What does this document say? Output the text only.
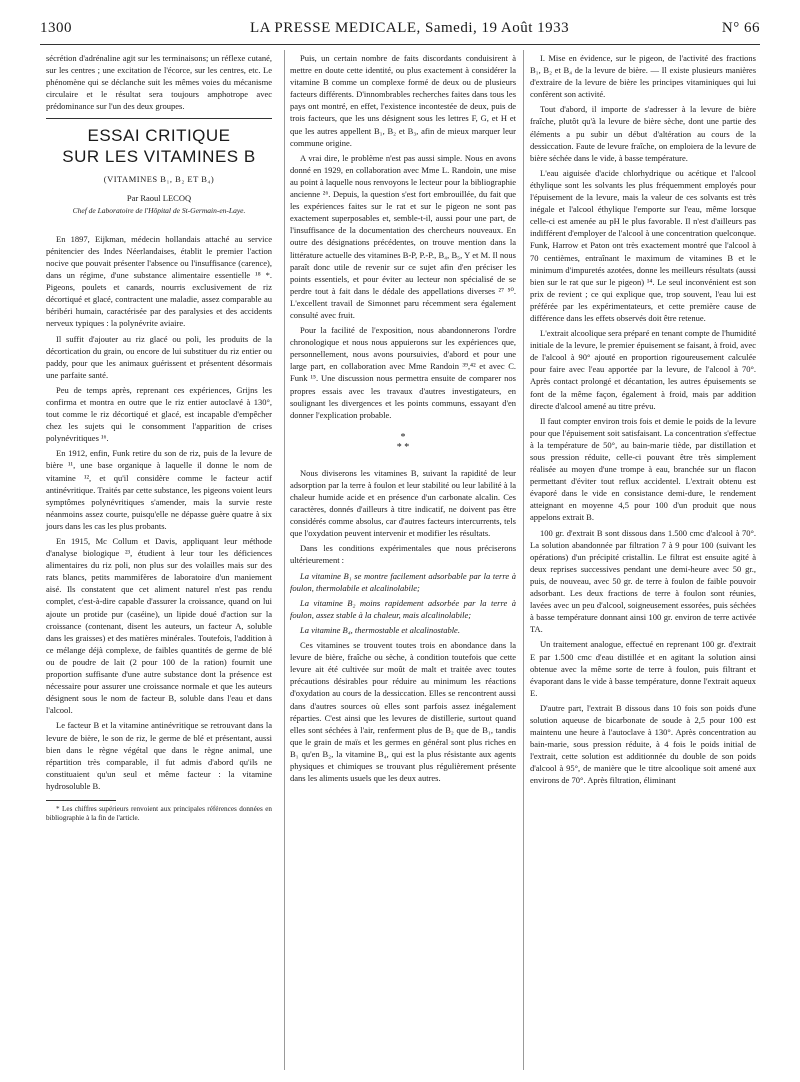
1300	LA PRESSE MEDICALE, Samedi, 19 Août 1933	N° 66

sécrétion d'adrénaline agit sur les terminaisons; un réflexe cutané, sur les centres ; une excitation de l'écorce, sur les centres, etc. Le phénomène qui se déclanche suit les mêmes voies du mécanisme circulaire et le résultat sera toujours amphotrope avec prédominance sur l'un des deux groupes.

ESSAI CRITIQUE
SUR LES VITAMINES B
(VITAMINES B₁, B₂ ET B₄)
Par Raoul LECOQ
Chef de Laboratoire de l'Hôpital de St-Germain-en-Laye.

En 1897, Eijkman, médecin hollandais attaché au service pénitencier des Indes Néerlandaises, établit le premier l'action nocive que pouvait présenter l'absence ou l'insuffisance (carence), dans un régime, d'une substance alimentaire essentielle ¹⁸ *. Pigeons, poulets et canards, nourris exclusivement de riz décortiqué et glacé, contractent une maladie, assez comparable au béribéri humain, caractérisée par des paralysies et des accidents nerveux typiques : la polynévrite aviaire.

Il suffit d'ajouter au riz glacé ou poli, les produits de la décortication du grain, ou encore de lui substituer du riz entier ou paddy, pour que les animaux guérissent et présentent désormais une parfaite santé.

Peu de temps après, reprenant ces expériences, Grijns les confirma et montra en outre que le riz entier autoclavé à 130°, tout comme le riz décortiqué et glacé, est incapable d'empêcher chez les sujets qui le consomment l'apparition de crises polynévritiques ¹⁶.

En 1912, enfin, Funk retire du son de riz, puis de la levure de bière ¹¹, une base organique à laquelle il donne le nom de vitamine ¹², et qu'il considère comme le facteur actif antinévritique. Traités par cette substance, les pigeons voient leurs symptômes polynévritiques s'amender, mais la survie reste néanmoins assez courte, puisqu'elle ne dépasse guère quatre à six jours dans les cas les plus probants.

En 1915, Mc Collum et Davis, appliquant leur méthode d'analyse biologique ²³, étudient à leur tour les déficiences alimentaires du riz poli, non plus sur des volailles mais sur des rats blancs, petits mammifères de laboratoire d'un maniement aisé. Ils constatent que cet aliment naturel n'est pas rendu complet, c'est-à-dire capable d'assurer la croissance, quand on lui ajoute un protide pur (caséine), un lipide doué d'action sur la croissance (contenant, disent les auteurs, un facteur A, soluble dans les graisses) et des matières minérales. Toutefois, l'addition à ce mélange déjà complexe, de faibles quantités de germe de blé ou de poudre de lait (2 pour 100 de la ration) fournit une proportion suffisante d'une autre substance dont la présence est nécessaire pour assurer une croissance normale et que les auteurs désignent sous le nom de facteur B, soluble dans l'eau et dans l'alcool.

Le facteur B et la vitamine antinévritique se retrouvant dans la levure de bière, le son de riz, le germe de blé et présentant, aussi bien dans le règne végétal que dans le règne animal, une répartition très comparable, il fut admis d'abord qu'ils ne constituaient qu'un seul et même facteur : la vitamine hydrosoluble B.

* Les chiffres supérieurs renvoient aux principales références données en bibliographie à la fin de l'article.

Puis, un certain nombre de faits discordants conduisirent à mettre en doute cette identité, ou plus exactement à considérer la vitamine B comme un complexe formé de deux ou de plusieurs facteurs différents. D'innombrables recherches faites dans tous les pays ont montré, en effet, l'existence incontestée de deux, puis de trois facteurs, que les uns désignent sous les lettres F, G, et H et que les autres appellent B₁, B₂ et B₃, afin de mieux marquer leur commune origine.

A vrai dire, le problème n'est pas aussi simple. Nous en avons donné en 1929, en collaboration avec Mme L. Randoin, une mise au point à laquelle nous renvoyons le lecteur pour la bibliographie ancienne ²⁶. Depuis, la question s'est fort embrouillée, du fait que les expériences faites sur le rat et sur le pigeon ne sont pas exactement superposables et, semble-t-il, aussi pour une part, de l'insuffisance de la documentation des chercheurs nouveaux. En outre des désignations précédentes, on trouve mention dans la littérature actuelle des vitamines B-P, P.-P., B₄, B₅, Y et M. Il nous paraît donc utile de revenir sur ce sujet afin d'en préciser les points essentiels, et pour éviter au lecteur non spécialisé de se perdre tout à fait dans le dédale des appellations diverses ²⁷ ⁵⁰. L'excellent travail de Simonnet paru récemment sera également consulté avec fruit.

Pour la facilité de l'exposition, nous abandonnerons l'ordre chronologique et nous nous appuierons sur les expériences que, personnellement, nous avons poursuivies, d'abord et pour une large part, en collaboration avec Mme Randoin ³⁹,⁴² et avec C. Funk ¹⁵. Une discussion nous permettra ensuite de comparer nos propres essais avec les travaux d'autres investigateurs, en soulignant les divergences et les points communs, essayant d'en donner l'explication probable.

*
* *

Nous diviserons les vitamines B, suivant la rapidité de leur adsorption par la terre à foulon et leur stabilité ou leur labilité à la chaleur humide acide et en présence d'un carbonate alcalin. Ces caractères, donnés d'ailleurs à titre indicatif, ne doivent pas être considérés comme absolus, car d'autres facteurs intercurrents, tels que l'oxydation peuvent intervenir et modifier les résultats.

Dans les conditions expérimentales que nous préciserons ultérieurement :

La vitamine B₁ se montre facilement adsorbable par la terre à foulon, thermolabile et alcalinolabile;

La vitamine B₂ moins rapidement adsorbée par la terre à foulon, assez stable à la chaleur, mais alcalinolabile;

La vitamine B₄, thermostable et alcalinostable.

Ces vitamines se trouvent toutes trois en abondance dans la levure de bière, fraîche ou sèche, à condition toutefois que cette levure ait été cultivée sur moût de malt et traitée avec toutes précautions désirables pour réduire au minimum les réactions d'oxydation au cours de la dessiccation. Elles se rencontrent aussi dans d'autres sources où elles sont parfois assez inégalement réparties. C'est ainsi que les levures de distillerie, surtout quand elles sont séchées à l'air, renferment plus de B₂ que de B₁, tandis que le grain de maïs et les germes en général sont plus riches en B₁ qu'en B₂, la vitamine B₄, qui est la plus résistante aux agents physiques et chimiques se trouvant plus régulièrement présente dans les aliments usuels que les deux autres.

I. Mise en évidence, sur le pigeon, de l'activité des fractions B₁, B₂ et B₄ de la levure de bière. — Il existe plusieurs manières d'extraire de la levure de bière les principes vitaminiques qui lui confèrent son activité.

Tout d'abord, il importe de s'adresser à la levure de bière fraîche, plutôt qu'à la levure de bière sèche, dont une partie des éléments a pu subir un début d'altération au cours de la dessiccation. Faute de levure fraîche, on emploiera de la levure de bière séchée dans le vide, à basse température.

L'eau aiguisée d'acide chlorhydrique ou acétique et l'alcool éthylique sont les solvants les plus fréquemment employés pour l'épuisement de la levure, mais la valeur de ces solvants est très inégale et l'alcool éthylique l'emporte sur l'eau, même lorsque celle-ci est amenée au pH le plus favorable. Il n'est d'ailleurs pas indifférent d'employer de l'alcool à une concentration quelconque. Funk, Harrow et Paton ont très exactement montré que l'alcool à 70 centièmes, entraînant le maximum de vitamines B et le minimum d'impuretés azotées, donne les meilleurs résultats (aussi bien sur le rat que sur le pigeon) ¹⁴. Le seul inconvénient est son prix de revient ; ce qui explique que, trop souvent, l'eau lui est préférée par les expérimentateurs, et cette première cause de différence dans les effets observés doit être retenue.

L'extrait alcoolique sera préparé en tenant compte de l'humidité initiale de la levure, le premier épuisement se faisant, à froid, avec de l'alcool à 90° ajouté en proportion rigoureusement calculée pour faire avec l'eau apportée par la levure, de l'alcool à 70°. Après contact prolongé et décantation, les autres épuisements se font de la même façon, également à froid, mais par addition directe d'alcool amené au titre prévu.

Il faut compter environ trois fois et demie le poids de la levure pour que l'épuisement soit satisfaisant. La concentration s'effectue à la température de 50°, au bain-marie tiède, par distillation et sous pression réduite, celle-ci pouvant être très simplement réalisée au moyen d'une trompe à eau, branchée sur un flacon permettant d'éviter tout reflux accidentel. L'extrait obtenu est évaporé dans le vide en consistance demi-dure, le rendement atteignant en moyenne 4,5 pour 100 d'un produit que nous appelons extrait B.

100 gr. d'extrait B sont dissous dans 1.500 cmc d'alcool à 70°. La solution abandonnée par filtration 7 à 9 pour 100 (suivant les opérations) d'un précipité cristallin. Le filtrat est ensuite agité à deux reprises successives pendant une demi-heure avec 50 gr., puis, de nouveau, avec 50 gr. de terre à foulon de faible pouvoir adsorbant. Les deux fractions de terre à foulon sont réunies, lavées avec un peu d'alcool, soigneusement essorées, puis séchées à basse température donnant ainsi 100 gr. environ de terre activée TA.

Un traitement analogue, effectué en reprenant 100 gr. d'extrait E par 1.500 cmc d'eau distillée et en agitant la solution ainsi obtenue avec la même sorte de terre à foulon, puis filtrant et évaporant dans le vide à basse température, donne l'extrait aqueux E.

D'autre part, l'extrait B dissous dans 10 fois son poids d'une solution aqueuse de bicarbonate de soude à 2,5 pour 100 est maintenu une heure à l'autoclave à 130°. Après concentration au bain-marie, sous pression réduite, à 4 fois le poids initial de l'extrait, cette solution est additionnée du double de son poids d'alcool à 95°, de manière que le titre alcoolique soit amené aux environs de 70°. Après filtration, éliminant
